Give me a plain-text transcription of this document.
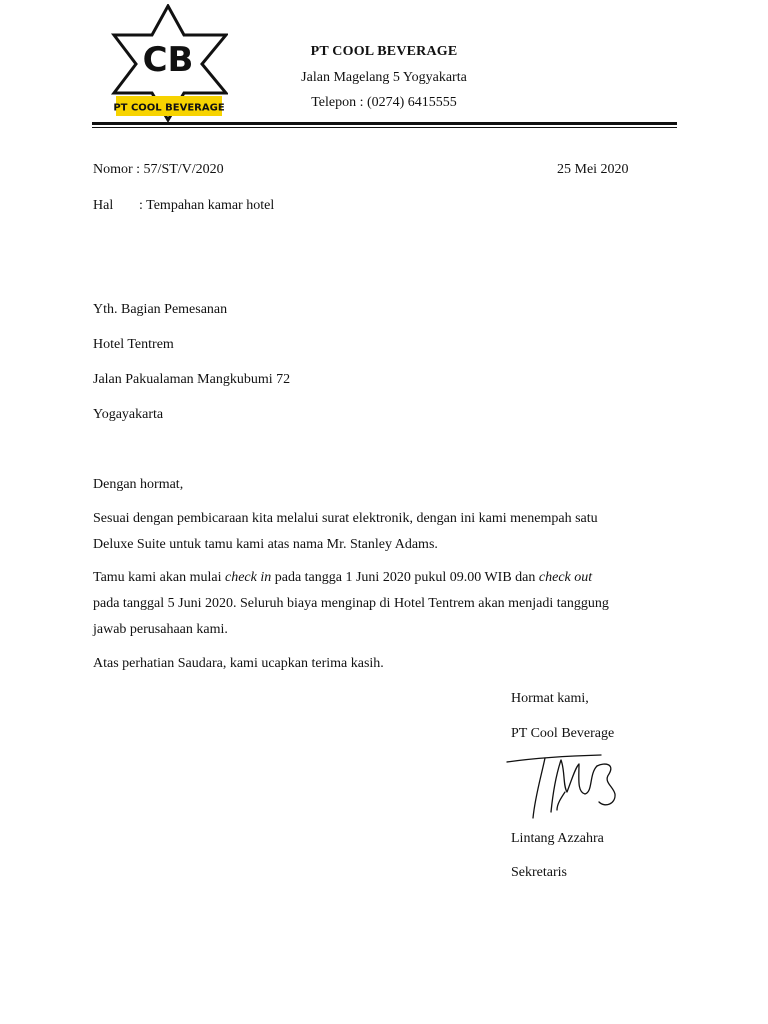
CB
PT COOL BEVERAGE
PT COOL BEVERAGE
Jalan Magelang 5 Yogyakarta
Telepon : (0274) 6415555
Nomor : 57/ST/V/2020	25 Mei 2020
Hal : Tempahan kamar hotel
Yth. Bagian Pemesanan
Hotel Tentrem
Jalan Pakualaman Mangkubumi 72
Yogayakarta
Dengan hormat,
Sesuai dengan pembicaraan kita melalui surat elektronik, dengan ini kami menempah satu
Deluxe Suite untuk tamu kami atas nama Mr. Stanley Adams.
Tamu kami akan mulai check in pada tangga 1 Juni 2020 pukul 09.00 WIB dan check out
pada tanggal 5 Juni 2020. Seluruh biaya menginap di Hotel Tentrem akan menjadi tanggung
jawab perusahaan kami.
Atas perhatian Saudara, kami ucapkan terima kasih.
Hormat kami,
PT Cool Beverage
Lintang Azzahra
Sekretaris
